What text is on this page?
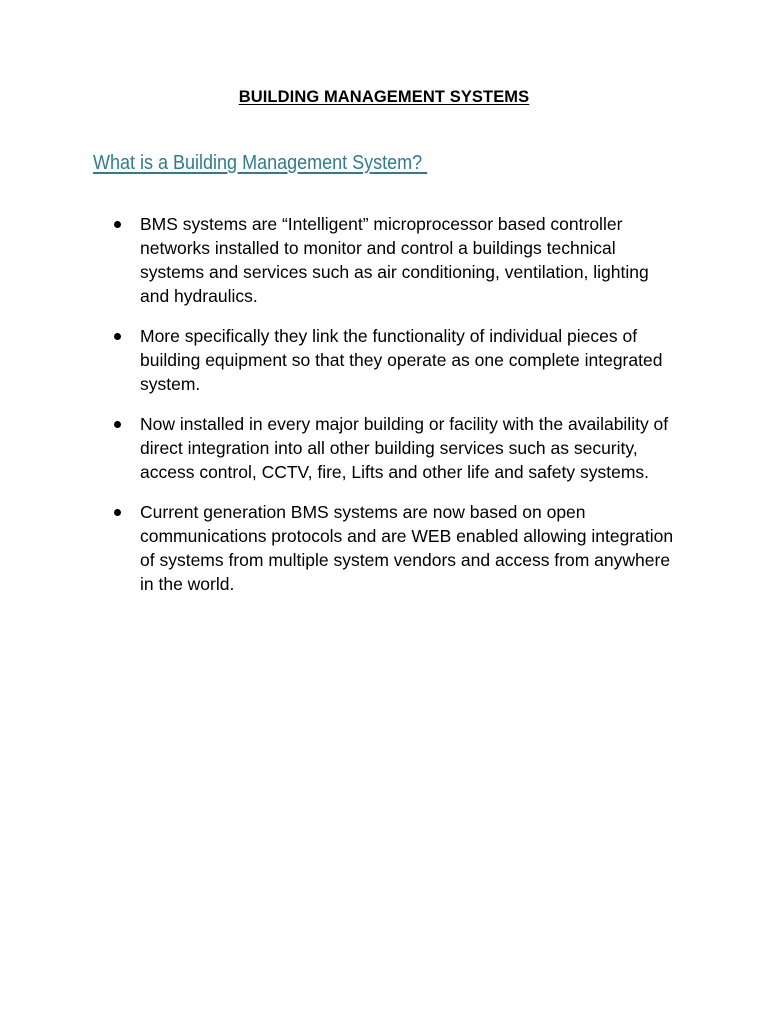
BUILDING MANAGEMENT SYSTEMS
What is a Building Management System?
BMS systems are “Intelligent” microprocessor based controller networks installed to monitor and control a buildings technical systems and services such as air conditioning, ventilation, lighting and hydraulics.
More specifically they link the functionality of individual pieces of building equipment so that they operate as one complete integrated system.
Now installed in every major building or facility with the availability of direct integration into all other building services such as security, access control, CCTV, fire, Lifts and other life and safety systems.
Current generation BMS systems are now based on open communications protocols and are WEB enabled allowing integration of systems from multiple system vendors and access from anywhere in the world.
